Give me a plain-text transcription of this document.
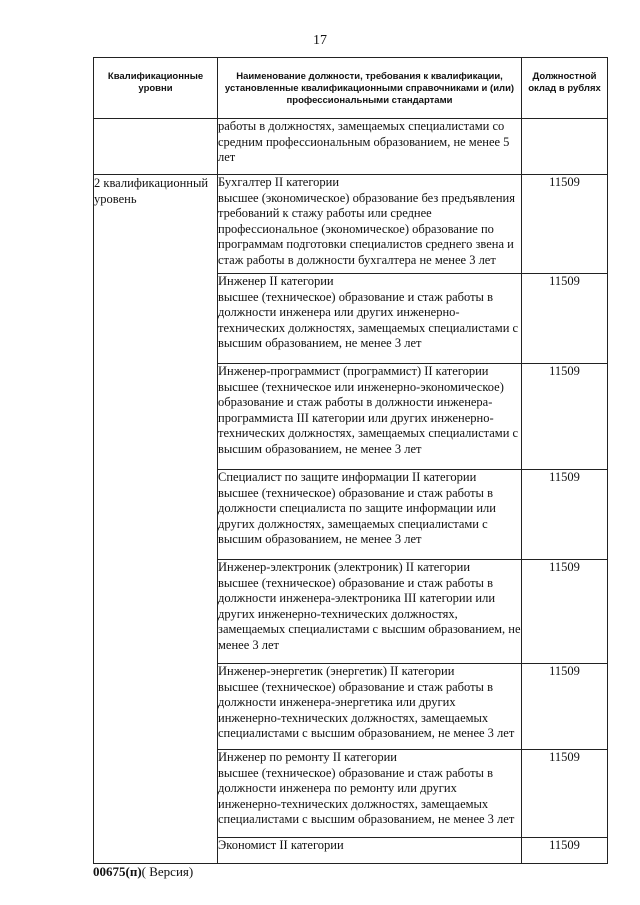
17
Квалификационные уровни	Наименование должности, требования к квалификации, установленные квалификационными справочниками и (или) профессиональными стандартами	Должностной оклад в рублях

	работы в должностях, замещаемых специалистами со средним профессиональным образованием, не менее 5 лет	
2 квалификационный уровень	Бухгалтер II категории
высшее (экономическое) образование без предъявления требований к стажу работы или среднее профессиональное (экономическое) образование по программам подготовки специалистов среднего звена и стаж работы в должности бухгалтера не менее 3 лет	11509

	Инженер II категории
высшее (техническое) образование и стаж работы в должности инженера или других инженерно-технических должностях, замещаемых специалистами с высшим образованием, не менее 3 лет	11509

	Инженер-программист (программист) II категории
высшее (техническое или инженерно-экономическое) образование и стаж работы в должности инженера-программиста III категории или других инженерно-технических должностях, замещаемых специалистами с высшим образованием, не менее 3 лет	11509

	Специалист по защите информации II категории
высшее (техническое) образование и стаж работы в должности специалиста по защите информации или других должностях, замещаемых специалистами с высшим образованием, не менее 3 лет	11509

	Инженер-электроник (электроник) II категории
высшее (техническое) образование и стаж работы в должности инженера-электроника III категории или других инженерно-технических должностях, замещаемых специалистами с высшим образованием, не менее 3 лет	11509

	Инженер-энергетик (энергетик) II категории
высшее (техническое) образование и стаж работы в должности инженера-энергетика или других инженерно-технических должностях, замещаемых специалистами с высшим образованием, не менее 3 лет	11509

	Инженер по ремонту II категории
высшее (техническое) образование и стаж работы в должности инженера по ремонту или других инженерно-технических должностях, замещаемых специалистами с высшим образованием, не менее 3 лет	11509

	Экономист II категории	11509
00675(п)( Версия)
